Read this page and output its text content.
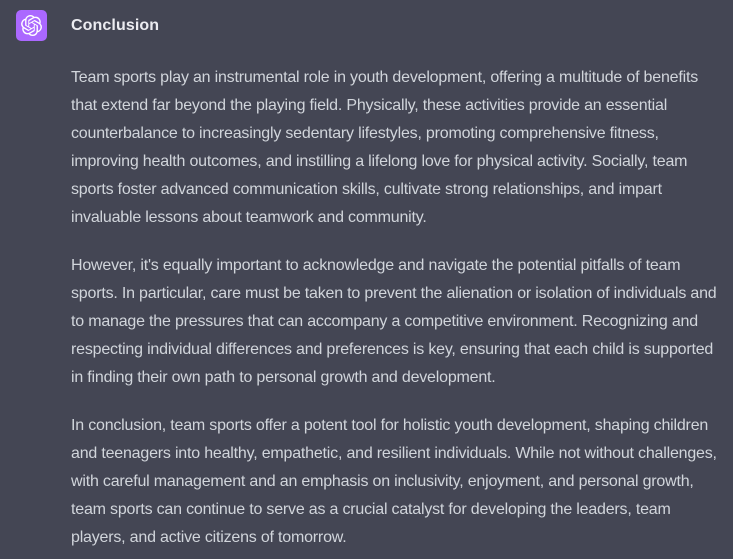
Conclusion

Team sports play an instrumental role in youth development, offering a multitude of benefits that extend far beyond the playing field. Physically, these activities provide an essential counterbalance to increasingly sedentary lifestyles, promoting comprehensive fitness, improving health outcomes, and instilling a lifelong love for physical activity. Socially, team sports foster advanced communication skills, cultivate strong relationships, and impart invaluable lessons about teamwork and community.

However, it's equally important to acknowledge and navigate the potential pitfalls of team sports. In particular, care must be taken to prevent the alienation or isolation of individuals and to manage the pressures that can accompany a competitive environment. Recognizing and respecting individual differences and preferences is key, ensuring that each child is supported in finding their own path to personal growth and development.

In conclusion, team sports offer a potent tool for holistic youth development, shaping children and teenagers into healthy, empathetic, and resilient individuals. While not without challenges, with careful management and an emphasis on inclusivity, enjoyment, and personal growth, team sports can continue to serve as a crucial catalyst for developing the leaders, team players, and active citizens of tomorrow.
